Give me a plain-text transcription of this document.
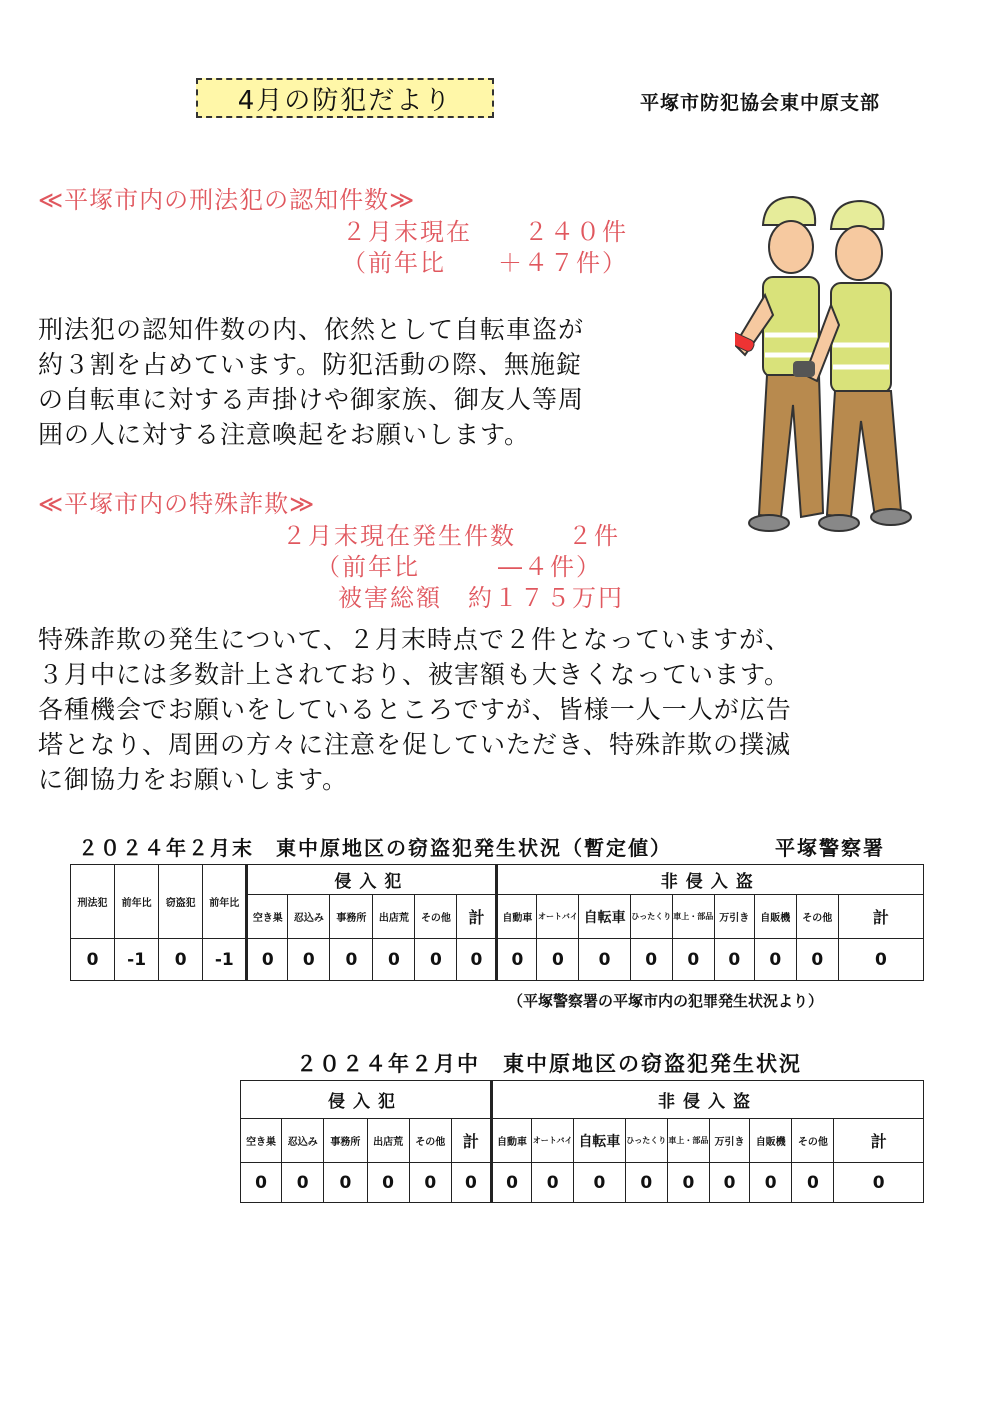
4月の防犯だより	平塚市防犯協会東中原支部
≪平塚市内の刑法犯の認知件数≫
２月末現在　　２４０件
（前年比　　＋４７件）
刑法犯の認知件数の内、依然として自転車盗が
約３割を占めています。防犯活動の際、無施錠
の自転車に対する声掛けや御家族、御友人等周
囲の人に対する注意喚起をお願いします。
≪平塚市内の特殊詐欺≫
２月末現在発生件数　　２件
（前年比　　　―４件）
被害総額　約１７５万円
特殊詐欺の発生について、２月末時点で２件となっていますが、
３月中には多数計上されており、被害額も大きくなっています。
各種機会でお願いをしているところですが、皆様一人一人が広告
塔となり、周囲の方々に注意を促していただき、特殊詐欺の撲滅
に御協力をお願いします。
２０２４年２月末　東中原地区の窃盗犯発生状況（暫定値）	平塚警察署
刑法犯	前年比	窃盗犯	前年比	侵入犯						非侵入盗								
				空き巣	忍込み	事務所	出店荒	その他	計	自動車	オートバイ	自転車	ひったくり	車上・部品	万引き	自販機	その他	計
0	-1	0	-1	0	0	0	0	0	0	0	0	0	0	0	0	0	0	0
（平塚警察署の平塚市内の犯罪発生状況より）
２０２４年２月中　東中原地区の窃盗犯発生状況
侵入犯						非侵入盗								
空き巣	忍込み	事務所	出店荒	その他	計	自動車	オートバイ	自転車	ひったくり	車上・部品	万引き	自販機	その他	計
0	0	0	0	0	0	0	0	0	0	0	0	0	0	0
